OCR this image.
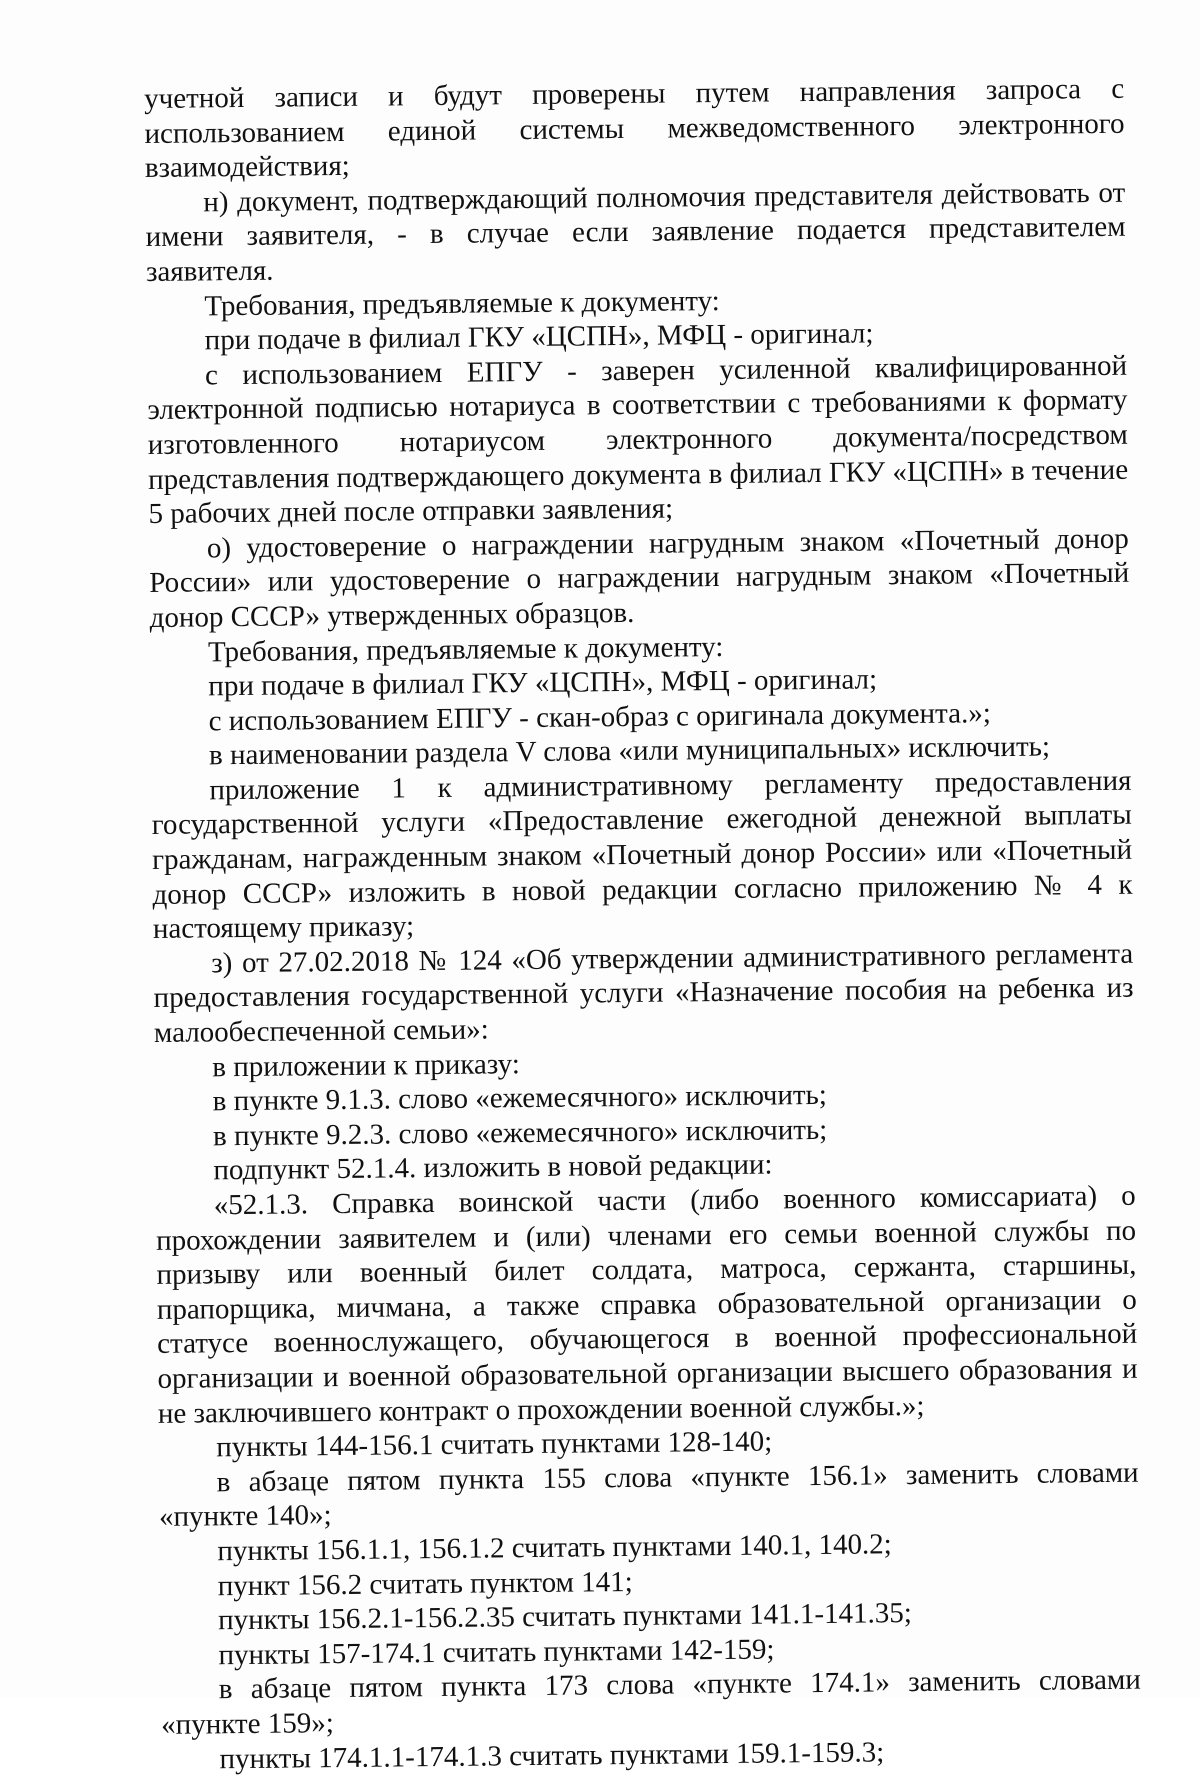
учетной записи и будут проверены путем направления запроса с использованием единой системы межведомственного электронного взаимодействия;

н) документ, подтверждающий полномочия представителя действовать от имени заявителя, - в случае если заявление подается представителем заявителя.

Требования, предъявляемые к документу:

при подаче в филиал ГКУ «ЦСПН», МФЦ - оригинал;

с использованием ЕПГУ - заверен усиленной квалифицированной электронной подписью нотариуса в соответствии с требованиями к формату изготовленного нотариусом электронного документа/посредством представления подтверждающего документа в филиал ГКУ «ЦСПН» в течение 5 рабочих дней после отправки заявления;

о) удостоверение о награждении нагрудным знаком «Почетный донор России» или удостоверение о награждении нагрудным знаком «Почетный донор СССР» утвержденных образцов.

Требования, предъявляемые к документу:

при подаче в филиал ГКУ «ЦСПН», МФЦ - оригинал;

с использованием ЕПГУ - скан-образ с оригинала документа.»;

в наименовании раздела V слова «или муниципальных» исключить;

приложение 1 к административному регламенту предоставления государственной услуги «Предоставление ежегодной денежной выплаты гражданам, награжденным знаком «Почетный донор России» или «Почетный донор СССР» изложить в новой редакции согласно приложению № 4 к настоящему приказу;

з) от 27.02.2018 № 124 «Об утверждении административного регламента предоставления государственной услуги «Назначение пособия на ребенка из малообеспеченной семьи»:

в приложении к приказу:

в пункте 9.1.3. слово «ежемесячного» исключить;

в пункте 9.2.3. слово «ежемесячного» исключить;

подпункт 52.1.4. изложить в новой редакции:

«52.1.3. Справка воинской части (либо военного комиссариата) о прохождении заявителем и (или) членами его семьи военной службы по призыву или военный билет солдата, матроса, сержанта, старшины, прапорщика, мичмана, а также справка образовательной организации о статусе военнослужащего, обучающегося в военной профессиональной организации и военной образовательной организации высшего образования и не заключившего контракт о прохождении военной службы.»;

пункты 144-156.1 считать пунктами 128-140;

в абзаце пятом пункта 155 слова «пункте 156.1» заменить словами «пункте 140»;

пункты 156.1.1, 156.1.2 считать пунктами 140.1, 140.2;

пункт 156.2 считать пунктом 141;

пункты 156.2.1-156.2.35 считать пунктами 141.1-141.35;

пункты 157-174.1 считать пунктами 142-159;

в абзаце пятом пункта 173 слова «пункте 174.1» заменить словами «пункте 159»;

пункты 174.1.1-174.1.3 считать пунктами 159.1-159.3;
